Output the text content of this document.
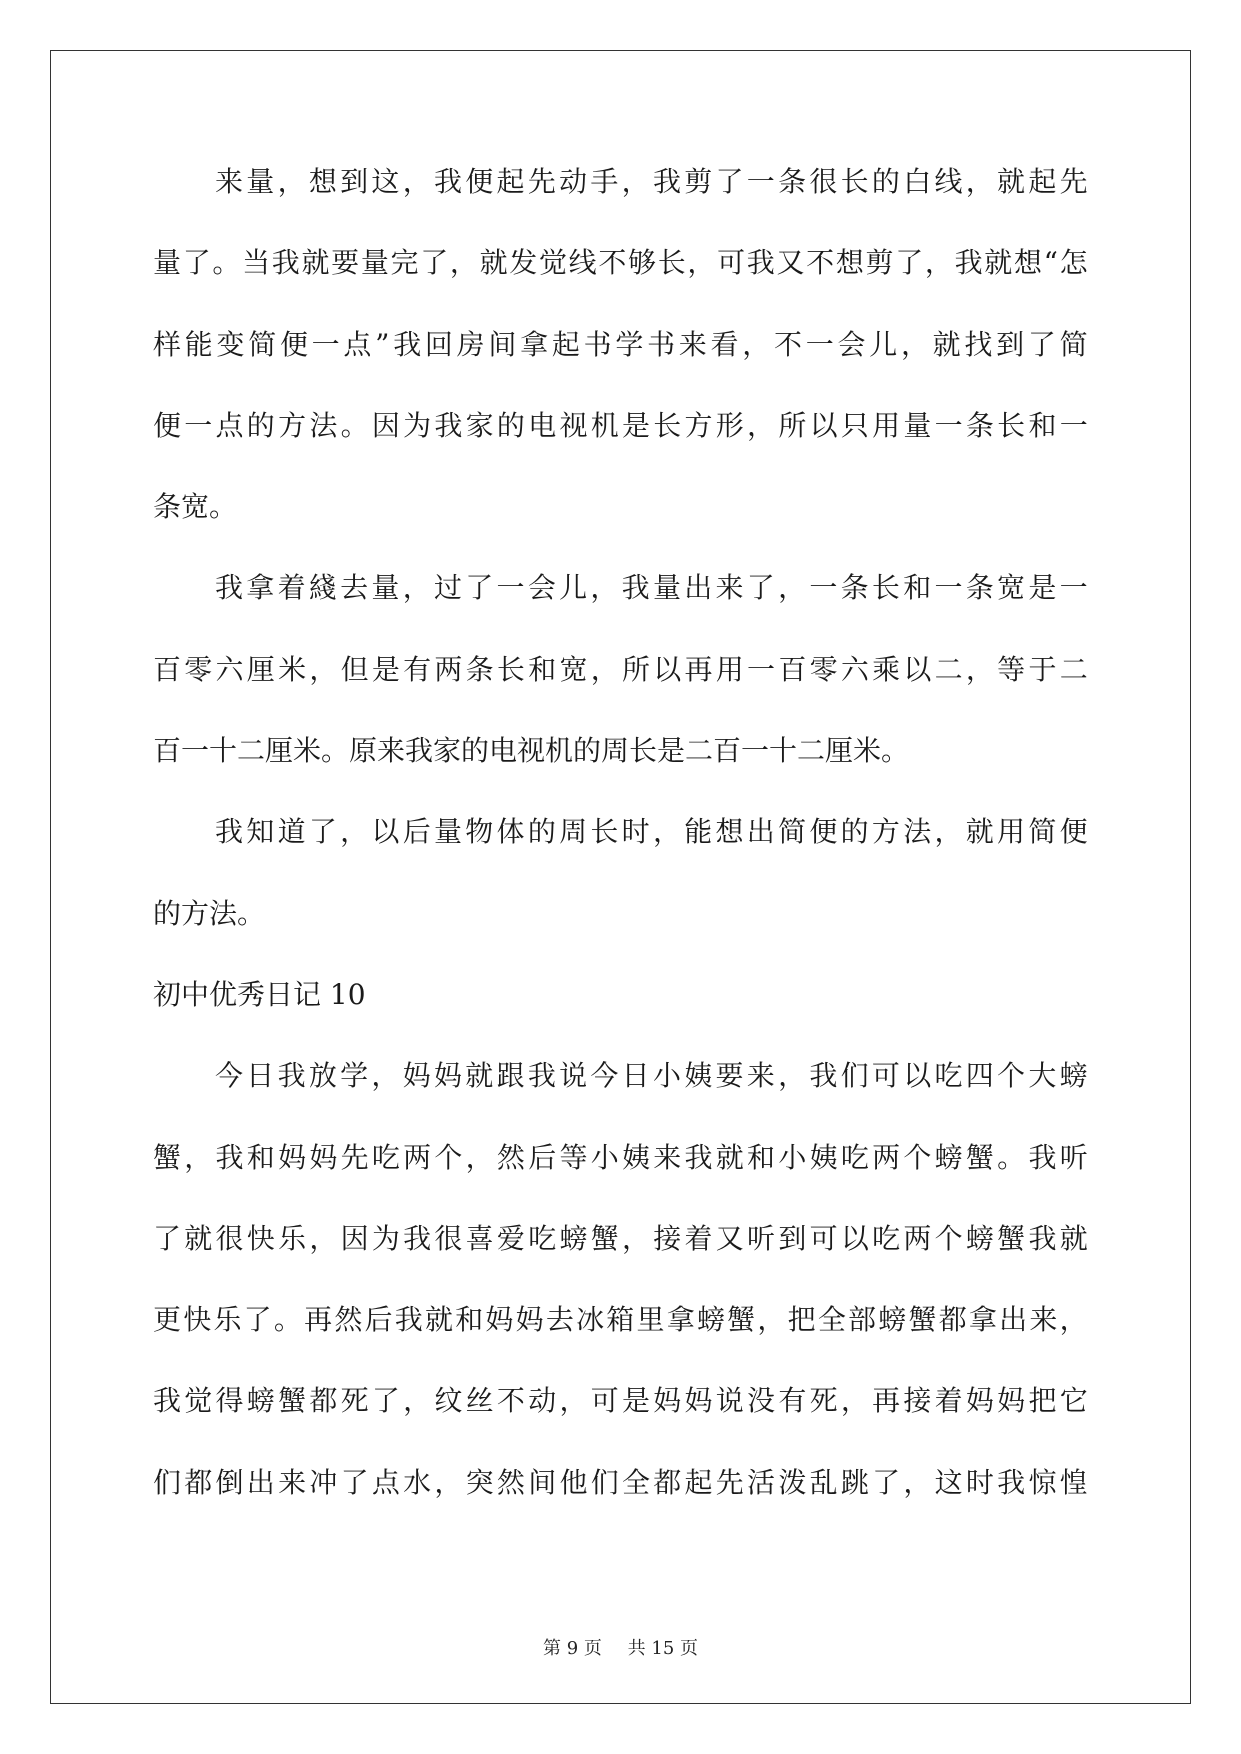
来 量 ， 想 到 这 ， 我 便 起 先 动 手 ， 我 剪 了 一 条 很 长 的 白 线 ， 就 起 先
量 了 。 当 我 就 要 量 完 了 ， 就 发 觉 线 不 够 长 ， 可 我 又 不 想 剪 了 ， 我 就 想 “ 怎
样 能 变 简 便 一 点 ” 我 回 房 间 拿 起 书 学 书 来 看 ， 不 一 会 儿 ， 就 找 到 了 简
便 一 点 的 方 法 。 因 为 我 家 的 电 视 机 是 长 方 形 ， 所 以 只 用 量 一 条 长 和 一
条宽。
我 拿 着 綫 去 量 ， 过 了 一 会 儿 ， 我 量 出 来 了 ， 一 条 长 和 一 条 宽 是 一
百 零 六 厘 米 ， 但 是 有 两 条 长 和 宽 ， 所 以 再 用 一 百 零 六 乘 以 二 ， 等 于 二
百一十二厘米。原来我家的电视机的周长是二百一十二厘米。
我 知 道 了 ， 以 后 量 物 体 的 周 长 时 ， 能 想 出 简 便 的 方 法 ， 就 用 简 便
的方法。
初中优秀日记 10
今 日 我 放 学 ， 妈 妈 就 跟 我 说 今 日 小 姨 要 来 ， 我 们 可 以 吃 四 个 大 螃
蟹 ， 我 和 妈 妈 先 吃 两 个 ， 然 后 等 小 姨 来 我 就 和 小 姨 吃 两 个 螃 蟹 。 我 听
了 就 很 快 乐 ， 因 为 我 很 喜 爱 吃 螃 蟹 ， 接 着 又 听 到 可 以 吃 两 个 螃 蟹 我 就
更 快 乐 了 。 再 然 后 我 就 和 妈 妈 去 冰 箱 里 拿 螃 蟹 ， 把 全 部 螃 蟹 都 拿 出 来 ，
我 觉 得 螃 蟹 都 死 了 ， 纹 丝 不 动 ， 可 是 妈 妈 说 没 有 死 ， 再 接 着 妈 妈 把 它
们 都 倒 出 来 冲 了 点 水 ， 突 然 间 他 们 全 都 起 先 活 泼 乱 跳 了 ， 这 时 我 惊 惶
第 9 页 共 15 页
